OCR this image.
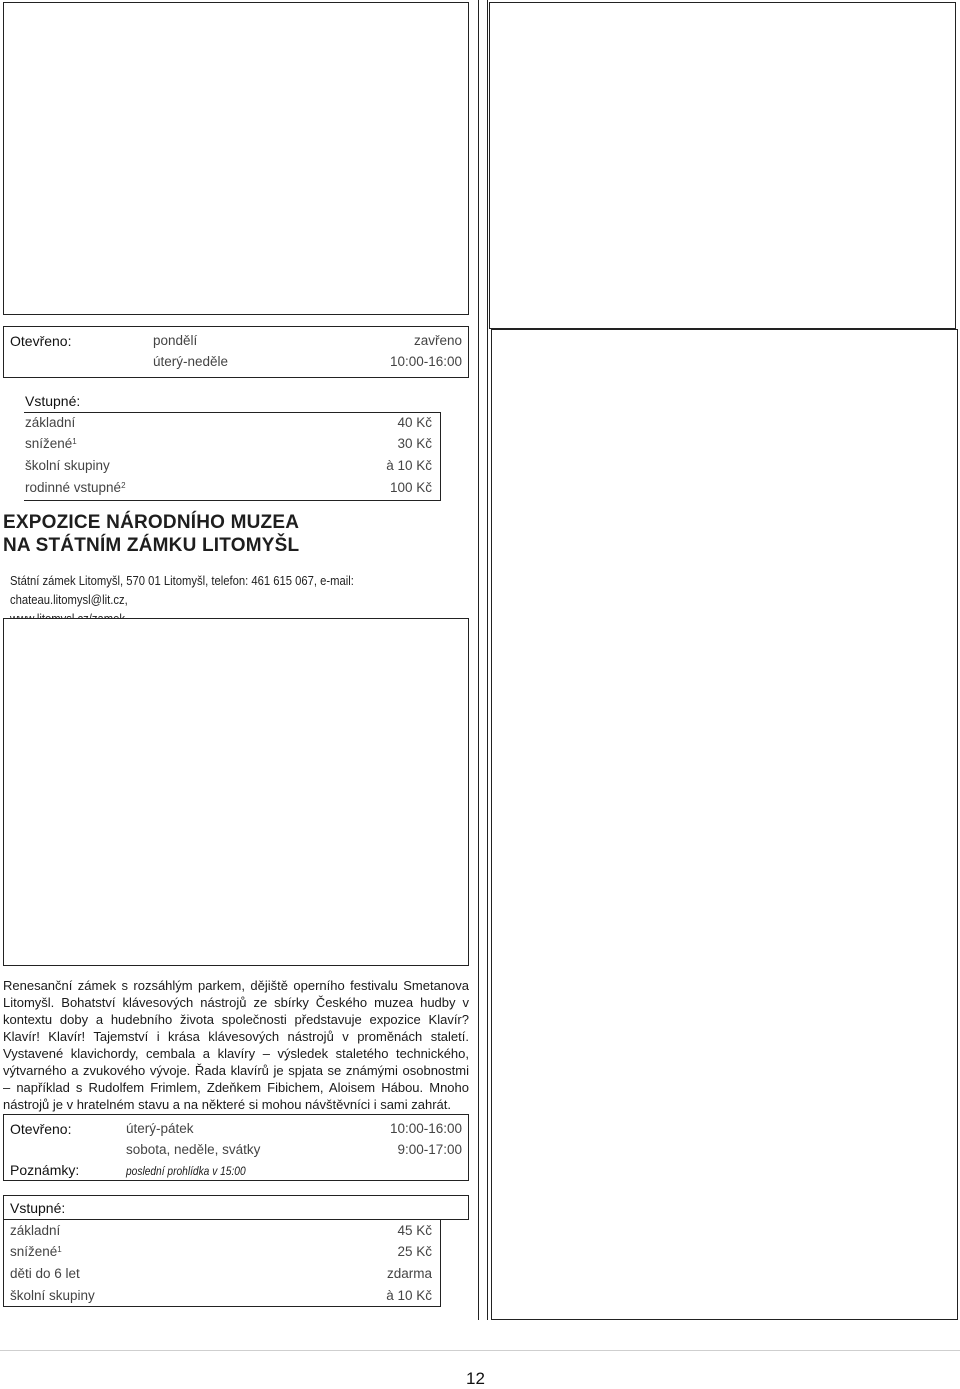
Otevřeno:	pondělí	zavřeno
úterý-neděle	10:00-16:00
Vstupné:
základní	40 Kč
snížené$^1$	30 Kč
školní skupiny	à 10 Kč
rodinné vstupné$^2$	100 Kč
EXPOZICE NÁRODNÍHO MUZEA
NA STÁTNÍM ZÁMKU LITOMYŠL
Státní zámek Litomyšl, 570 01 Litomyšl, telefon: 461 615 067, e-mail: chateau.litomysl@lit.cz,
Renesanční zámek s rozsáhlým parkem, dějiště operního festivalu Smetanova Litomyšl. Bohatství klávesových nástrojů ze sbírky Českého muzea hudby v kontextu doby a hudebního života společnosti představuje expozice Klavír? Klavír! Klavír! Tajemství i krása klávesových nástrojů v proměnách staletí. Vystavené klavichordy, cembala a klavíry – výsledek staletého technického, výtvarného a zvukového vývoje. Řada klavírů je spjata se známými osobnostmi – například s Rudolfem Frimlem, Zdeňkem Fibichem, Aloisem Hábou. Mnoho nástrojů je v hratelném stavu a na některé si mohou návštěvníci i sami zahrát.
Otevřeno:	úterý-pátek	10:00-16:00
sobota, neděle, svátky	9:00-17:00
Poznámky:	poslední prohlídka v 15:00
Vstupné:
základní	45 Kč
snížené$^1$	25 Kč
děti do 6 let	zdarma
školní skupiny	à 10 Kč
12
